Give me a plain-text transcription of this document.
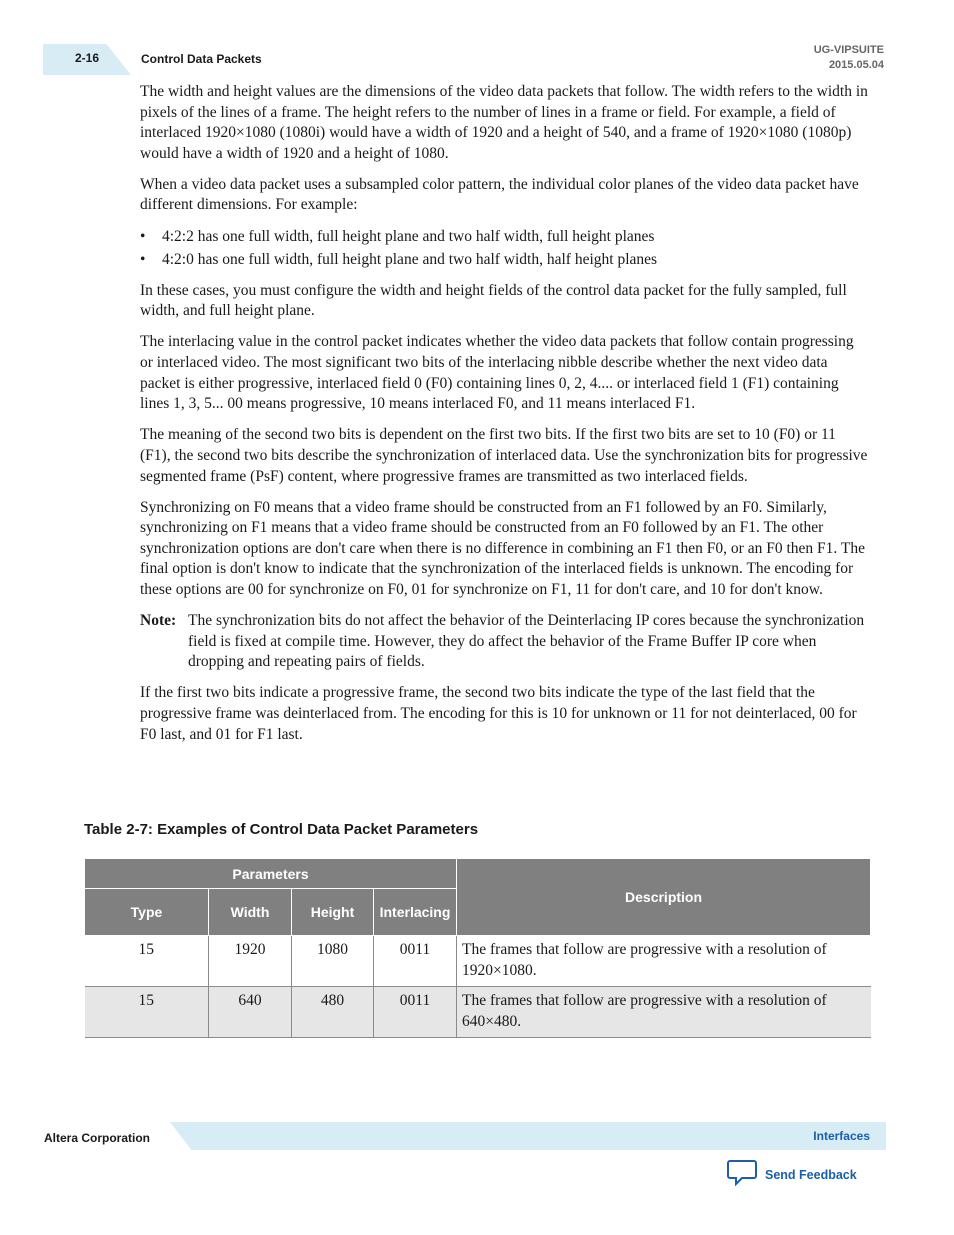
2-16	Control Data Packets
UG-VIPSUITE
2015.05.04

The width and height values are the dimensions of the video data packets that follow. The width refers to the width in pixels of the lines of a frame. The height refers to the number of lines in a frame or field. For example, a field of interlaced 1920×1080 (1080i) would have a width of 1920 and a height of 540, and a frame of 1920×1080 (1080p) would have a width of 1920 and a height of 1080.

When a video data packet uses a subsampled color pattern, the individual color planes of the video data packet have different dimensions. For example:

• 4:2:2 has one full width, full height plane and two half width, full height planes
• 4:2:0 has one full width, full height plane and two half width, half height planes

In these cases, you must configure the width and height fields of the control data packet for the fully sampled, full width, and full height plane.

The interlacing value in the control packet indicates whether the video data packets that follow contain progressing or interlaced video. The most significant two bits of the interlacing nibble describe whether the next video data packet is either progressive, interlaced field 0 (F0) containing lines 0, 2, 4.... or interlaced field 1 (F1) containing lines 1, 3, 5... 00 means progressive, 10 means interlaced F0, and 11 means interlaced F1.

The meaning of the second two bits is dependent on the first two bits. If the first two bits are set to 10 (F0) or 11 (F1), the second two bits describe the synchronization of interlaced data. Use the synchronization bits for progressive segmented frame (PsF) content, where progressive frames are transmitted as two interlaced fields.

Synchronizing on F0 means that a video frame should be constructed from an F1 followed by an F0. Similarly, synchronizing on F1 means that a video frame should be constructed from an F0 followed by an F1. The other synchronization options are don't care when there is no difference in combining an F1 then F0, or an F0 then F1. The final option is don't know to indicate that the synchronization of the interlaced fields is unknown. The encoding for these options are 00 for synchronize on F0, 01 for synchronize on F1, 11 for don't care, and 10 for don't know.

Note: The synchronization bits do not affect the behavior of the Deinterlacing IP cores because the synchronization field is fixed at compile time. However, they do affect the behavior of the Frame Buffer IP core when dropping and repeating pairs of fields.

If the first two bits indicate a progressive frame, the second two bits indicate the type of the last field that the progressive frame was deinterlaced from. The encoding for this is 10 for unknown or 11 for not deinterlaced, 00 for F0 last, and 01 for F1 last.

Table 2-7: Examples of Control Data Packet Parameters
Parameters				Description
Type	Width	Height	Interlacing	
15	1920	1080	0011	The frames that follow are progressive with a resolution of 1920×1080.
15	640	480	0011	The frames that follow are progressive with a resolution of 640×480.
Altera Corporation	Interfaces
Send Feedback
